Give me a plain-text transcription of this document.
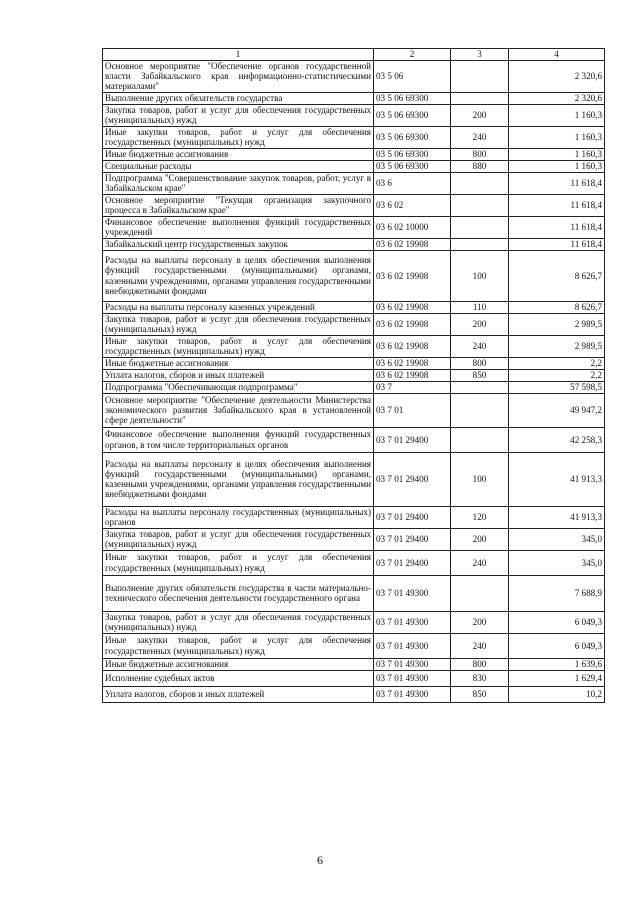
1	2	3	4
Основное мероприятие "Обеспечение органов государственной власти Забайкальского края информационно-статистическими материалами"	03 5 06		2 320,6
Выполнение других обязательств государства	03 5 06 69300		2 320,6
Закупка товаров, работ и услуг для обеспечения государственных (муниципальных) нужд	03 5 06 69300	200	1 160,3
Иные закупки товаров, работ и услуг для обеспечения государственных (муниципальных) нужд	03 5 06 69300	240	1 160,3
Иные бюджетные ассигнования	03 5 06 69300	800	1 160,3
Специальные расходы	03 5 06 69300	880	1 160,3
Подпрограмма "Совершенствование закупок товаров, работ, услуг в Забайкальском крае"	03 6		11 618,4
Основное мероприятие "Текущая организация закупочного процесса в Забайкальском крае"	03 6 02		11 618,4
Финансовое обеспечение выполнения функций государственных учреждений	03 6 02 10000		11 618,4
Забайкальский центр государственных закупок	03 6 02 19908		11 618,4
Расходы на выплаты персоналу в целях обеспечения выполнения функций государственными (муниципальными) органами, казенными учреждениями, органами управления государственными внебюджетными фондами	03 6 02 19908	100	8 626,7
Расходы на выплаты персоналу казенных учреждений	03 6 02 19908	110	8 626,7
Закупка товаров, работ и услуг для обеспечения государственных (муниципальных) нужд	03 6 02 19908	200	2 989,5
Иные закупки товаров, работ и услуг для обеспечения государственных (муниципальных) нужд	03 6 02 19908	240	2 989,5
Иные бюджетные ассигнования	03 6 02 19908	800	2,2
Уплата налогов, сборов и иных платежей	03 6 02 19908	850	2,2
Подпрограмма "Обеспечивающая подпрограмма"	03 7		57 598,5
Основное мероприятие "Обеспечение деятельности Министерства экономического развития Забайкальского края в установленной сфере деятельности"	03 7 01		49 947,2
Финансовое обеспечение выполнения функций государственных органов, в том числе территориальных органов	03 7 01 29400		42 258,3
Расходы на выплаты персоналу в целях обеспечения выполнения функций государственными (муниципальными) органами, казенными учреждениями, органами управления государственными внебюджетными фондами	03 7 01 29400	100	41 913,3
Расходы на выплаты персоналу государственных (муниципальных) органов	03 7 01 29400	120	41 913,3
Закупка товаров, работ и услуг для обеспечения государственных (муниципальных) нужд	03 7 01 29400	200	345,0
Иные закупки товаров, работ и услуг для обеспечения государственных (муниципальных) нужд	03 7 01 29400	240	345,0
Выполнение других обязательств государства в части материально-технического обеспечения деятельности государственного органа	03 7 01 49300		7 688,9
Закупка товаров, работ и услуг для обеспечения государственных (муниципальных) нужд	03 7 01 49300	200	6 049,3
Иные закупки товаров, работ и услуг для обеспечения государственных (муниципальных) нужд	03 7 01 49300	240	6 049,3
Иные бюджетные ассигнования	03 7 01 49300	800	1 639,6
Исполнение судебных актов	03 7 01 49300	830	1 629,4
Уплата налогов, сборов и иных платежей	03 7 01 49300	850	10,2
6
